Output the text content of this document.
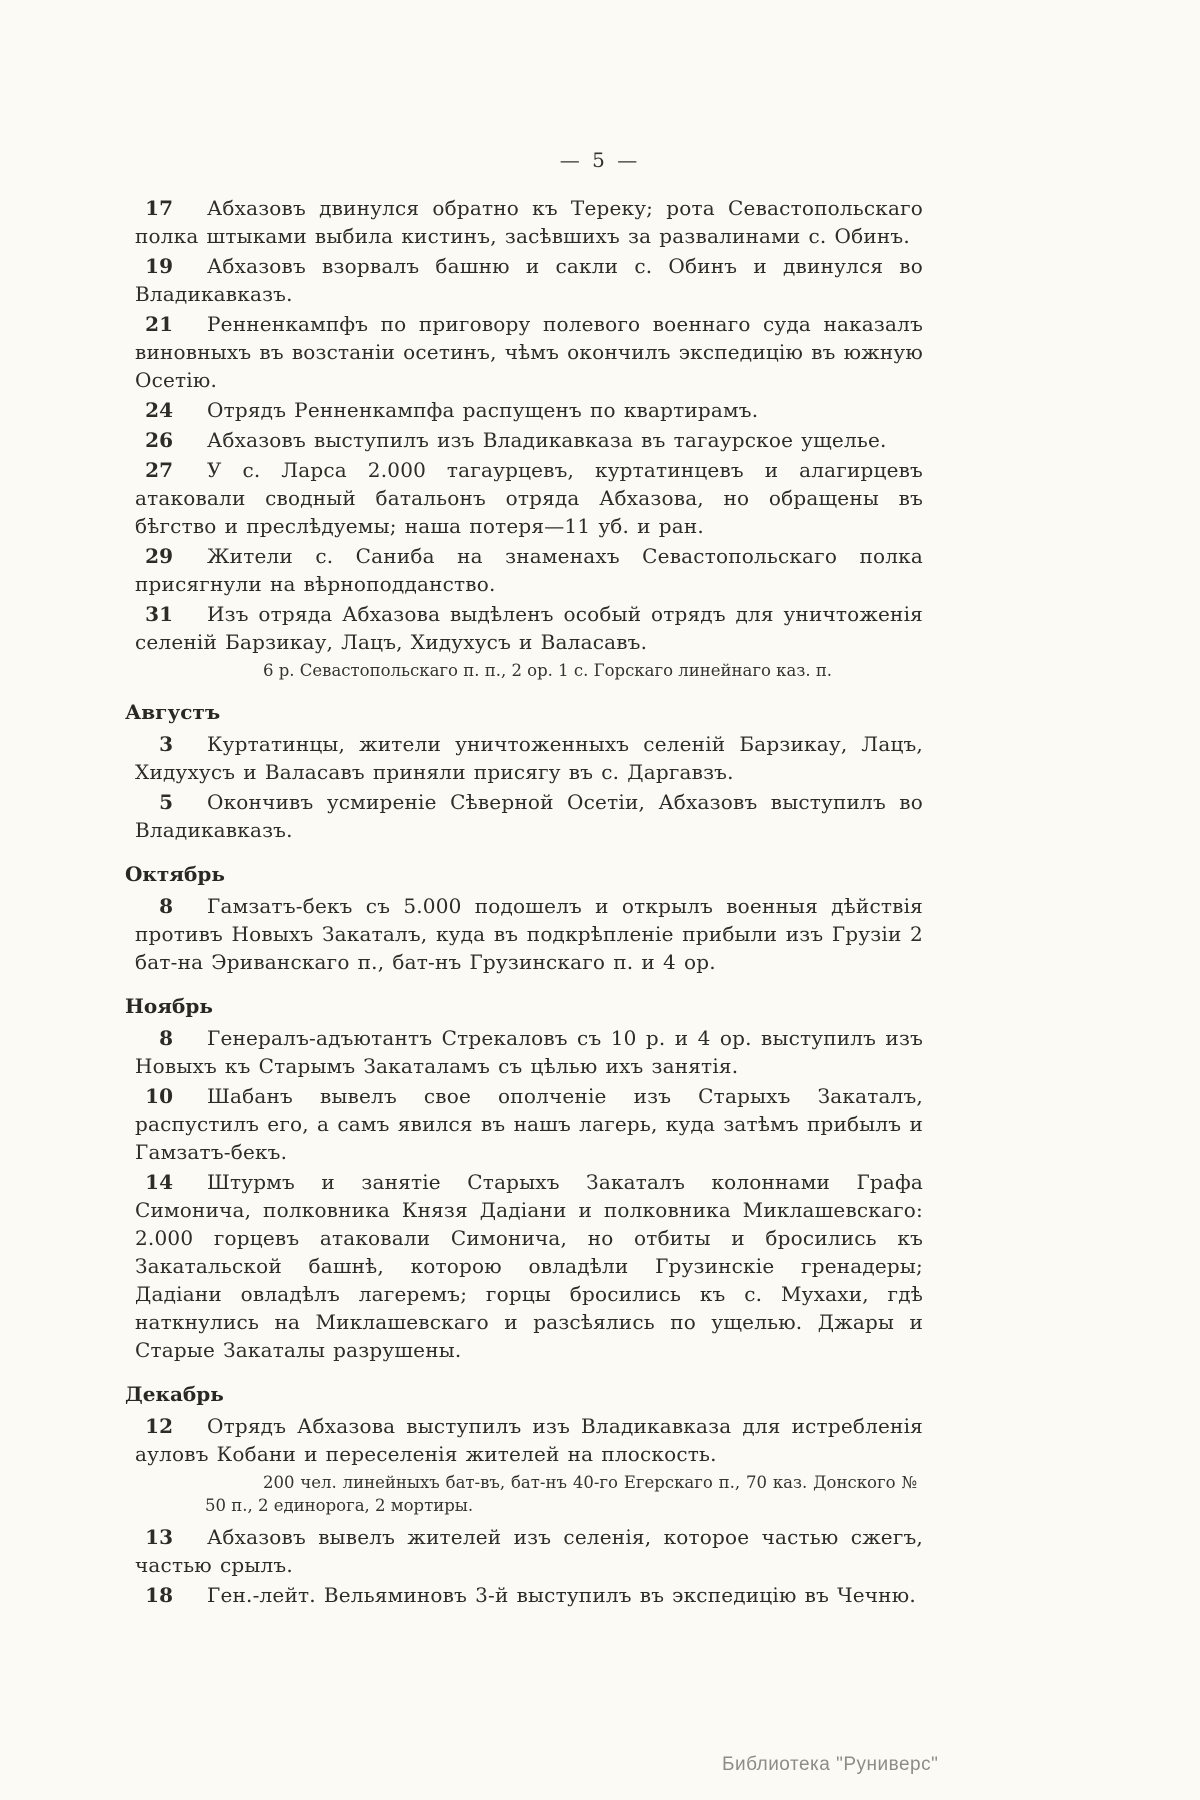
— 5 —
17	Абхазовъ двинулся обратно къ Тереку; рота Севастопольскаго полка штыками выбила кистинъ, засѣвшихъ за развалинами с. Обинъ.

19	Абхазовъ взорвалъ башню и сакли с. Обинъ и двинулся во Владикавказъ.

21	Ренненкампфъ по приговору полевого военнаго суда наказалъ виновныхъ въ возстаніи осетинъ, чѣмъ окончилъ экспедицію въ южную Осетію.

24	Отрядъ Ренненкампфа распущенъ по квартирамъ.

26	Абхазовъ выступилъ изъ Владикавказа въ тагаурское ущелье.

27	У с. Ларса 2.000 тагаурцевъ, куртатинцевъ и алагирцевъ атаковали сводный батальонъ отряда Абхазова, но обращены въ бѣгство и преслѣдуемы; наша потеря—11 уб. и ран.

29	Жители с. Саниба на знаменахъ Севастопольскаго полка присягнули на вѣрноподданство.

31	Изъ отряда Абхазова выдѣленъ особый отрядъ для уничтоженія селеній Барзикау, Лацъ, Хидухусъ и Валасавъ.

6 р. Севастопольскаго п. п., 2 ор. 1 с. Горскаго линейнаго каз. п.

Августъ
3	Куртатинцы, жители уничтоженныхъ селеній Барзикау, Лацъ, Хидухусъ и Валасавъ приняли присягу въ с. Даргавзъ.

5	Окончивъ усмиреніе Сѣверной Осетіи, Абхазовъ выступилъ во Владикавказъ.

Октябрь
8	Гамзатъ-бекъ съ 5.000 подошелъ и открылъ военныя дѣйствія противъ Новыхъ Закаталъ, куда въ подкрѣпленіе прибыли изъ Грузіи 2 бат-на Эриванскаго п., бат-нъ Грузинскаго п. и 4 ор.

Ноябрь
8	Генералъ-адъютантъ Стрекаловъ съ 10 р. и 4 ор. выступилъ изъ Новыхъ къ Старымъ Закаталамъ съ цѣлью ихъ занятія.

10	Шабанъ вывелъ свое ополченіе изъ Старыхъ Закаталъ, распустилъ его, а самъ явился въ нашъ лагерь, куда затѣмъ прибылъ и Гамзатъ-бекъ.

14	Штурмъ и занятіе Старыхъ Закаталъ колоннами Графа Симонича, полковника Князя Дадіани и полковника Миклашевскаго: 2.000 горцевъ атаковали Симонича, но отбиты и бросились къ Закатальской башнѣ, которою овладѣли Грузинскіе гренадеры; Дадіани овладѣлъ лагеремъ; горцы бросились къ с. Мухахи, гдѣ наткнулись на Миклашевскаго и разсѣялись по ущелью. Джары и Старые Закаталы разрушены.

Декабрь
12	Отрядъ Абхазова выступилъ изъ Владикавказа для истребленія ауловъ Кобани и переселенія жителей на плоскость.

200 чел. линейныхъ бат-въ, бат-нъ 40-го Егерскаго п., 70 каз. Донского № 50 п., 2 единорога, 2 мортиры.

13	Абхазовъ вывелъ жителей изъ селенія, которое частью сжегъ, частью срылъ.

18	Ген.-лейт. Вельяминовъ 3-й выступилъ въ экспедицію въ Чечню.

Библиотека "Руниверс"
